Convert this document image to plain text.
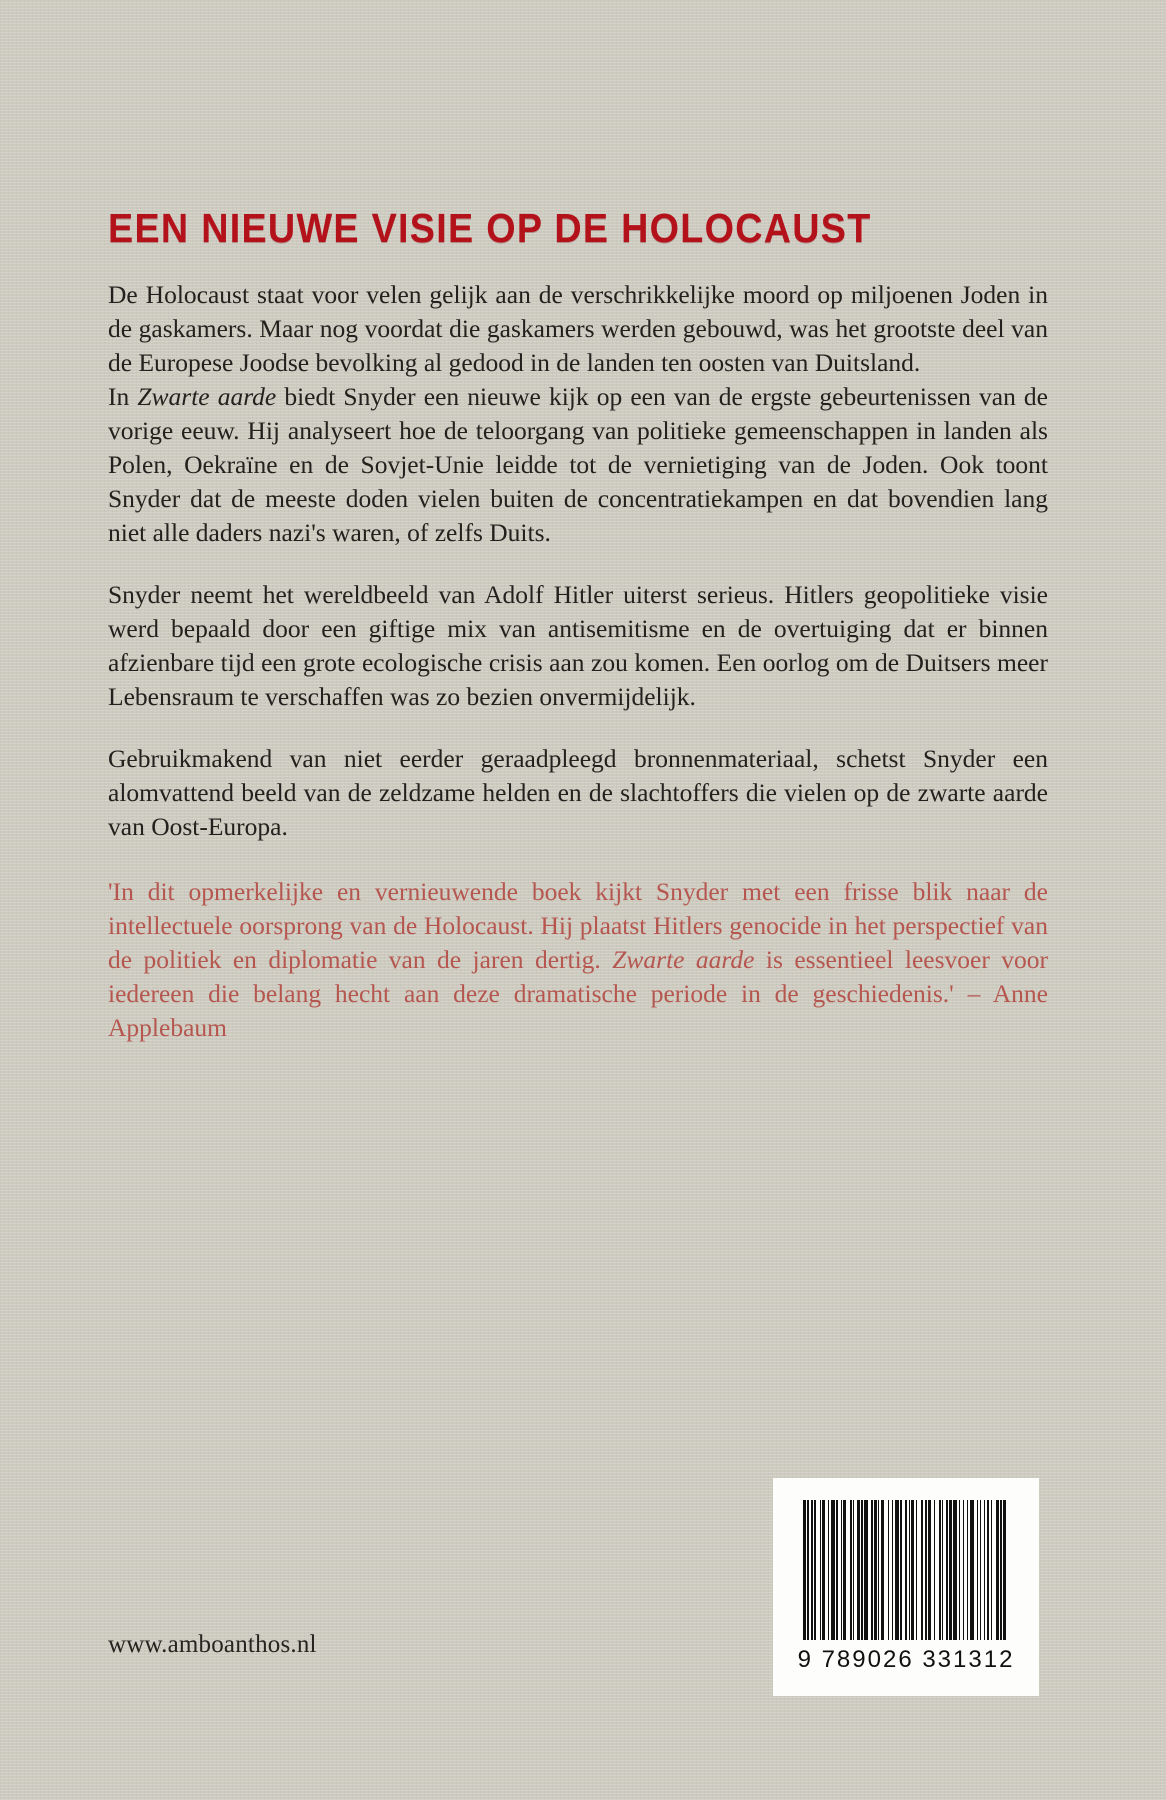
EEN NIEUWE VISIE OP DE HOLOCAUST

De Holocaust staat voor velen gelijk aan de verschrikkelijke moord op miljoenen Joden in de gaskamers. Maar nog voordat die gaskamers werden gebouwd, was het grootste deel van de Europese Joodse bevolking al gedood in de landen ten oosten van Duitsland.

In Zwarte aarde biedt Snyder een nieuwe kijk op een van de ergste gebeurtenissen van de vorige eeuw. Hij analyseert hoe de teloorgang van politieke gemeenschappen in landen als Polen, Oekraïne en de Sovjet-Unie leidde tot de vernietiging van de Joden. Ook toont Snyder dat de meeste doden vielen buiten de concentratiekampen en dat bovendien lang niet alle daders nazi's waren, of zelfs Duits.

Snyder neemt het wereldbeeld van Adolf Hitler uiterst serieus. Hitlers geopolitieke visie werd bepaald door een giftige mix van antisemitisme en de overtuiging dat er binnen afzienbare tijd een grote ecologische crisis aan zou komen. Een oorlog om de Duitsers meer Lebensraum te verschaffen was zo bezien onvermijdelijk.

Gebruikmakend van niet eerder geraadpleegd bronnenmateriaal, schetst Snyder een alomvattend beeld van de zeldzame helden en de slachtoffers die vielen op de zwarte aarde van Oost-Europa.

'In dit opmerkelijke en vernieuwende boek kijkt Snyder met een frisse blik naar de intellectuele oorsprong van de Holocaust. Hij plaatst Hitlers genocide in het perspectief van de politiek en diplomatie van de jaren dertig. Zwarte aarde is essentieel leesvoer voor iedereen die belang hecht aan deze dramatische periode in de geschiedenis.' – Anne Applebaum

www.amboanthos.nl

9 789026 331312
